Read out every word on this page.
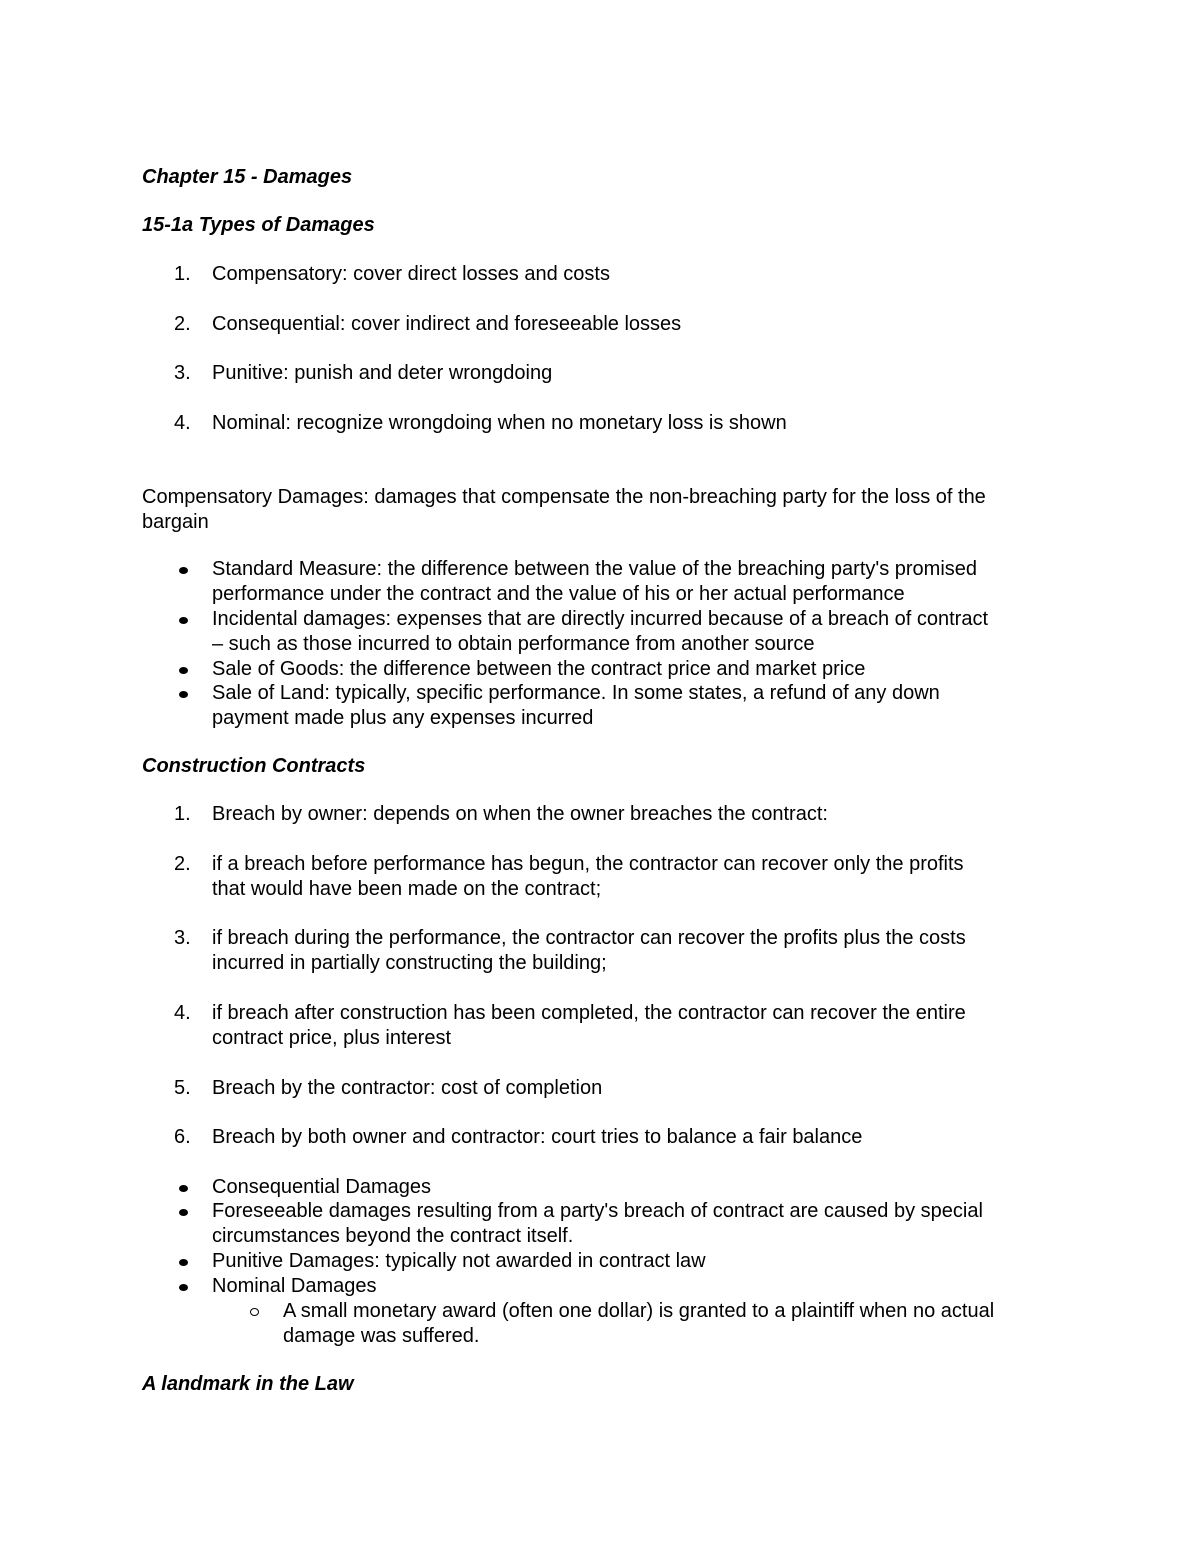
Chapter 15 - Damages
15-1a Types of Damages
1.	Compensatory: cover direct losses and costs
2.	Consequential: cover indirect and foreseeable losses
3.	Punitive: punish and deter wrongdoing
4.	Nominal: recognize wrongdoing when no monetary loss is shown
Compensatory Damages: damages that compensate the non-breaching party for the loss of the
bargain
Standard Measure: the difference between the value of the breaching party's promised
performance under the contract and the value of his or her actual performance
Incidental damages: expenses that are directly incurred because of a breach of contract
– such as those incurred to obtain performance from another source
Sale of Goods: the difference between the contract price and market price
Sale of Land: typically, specific performance. In some states, a refund of any down
payment made plus any expenses incurred
Construction Contracts
1.	Breach by owner: depends on when the owner breaches the contract:
2.	if a breach before performance has begun, the contractor can recover only the profits
that would have been made on the contract;
3.	if breach during the performance, the contractor can recover the profits plus the costs
incurred in partially constructing the building;
4.	if breach after construction has been completed, the contractor can recover the entire
contract price, plus interest
5.	Breach by the contractor: cost of completion
6.	Breach by both owner and contractor: court tries to balance a fair balance
Consequential Damages
Foreseeable damages resulting from a party's breach of contract are caused by special
circumstances beyond the contract itself.
Punitive Damages: typically not awarded in contract law
Nominal Damages
A small monetary award (often one dollar) is granted to a plaintiff when no actual
damage was suffered.
A landmark in the Law
